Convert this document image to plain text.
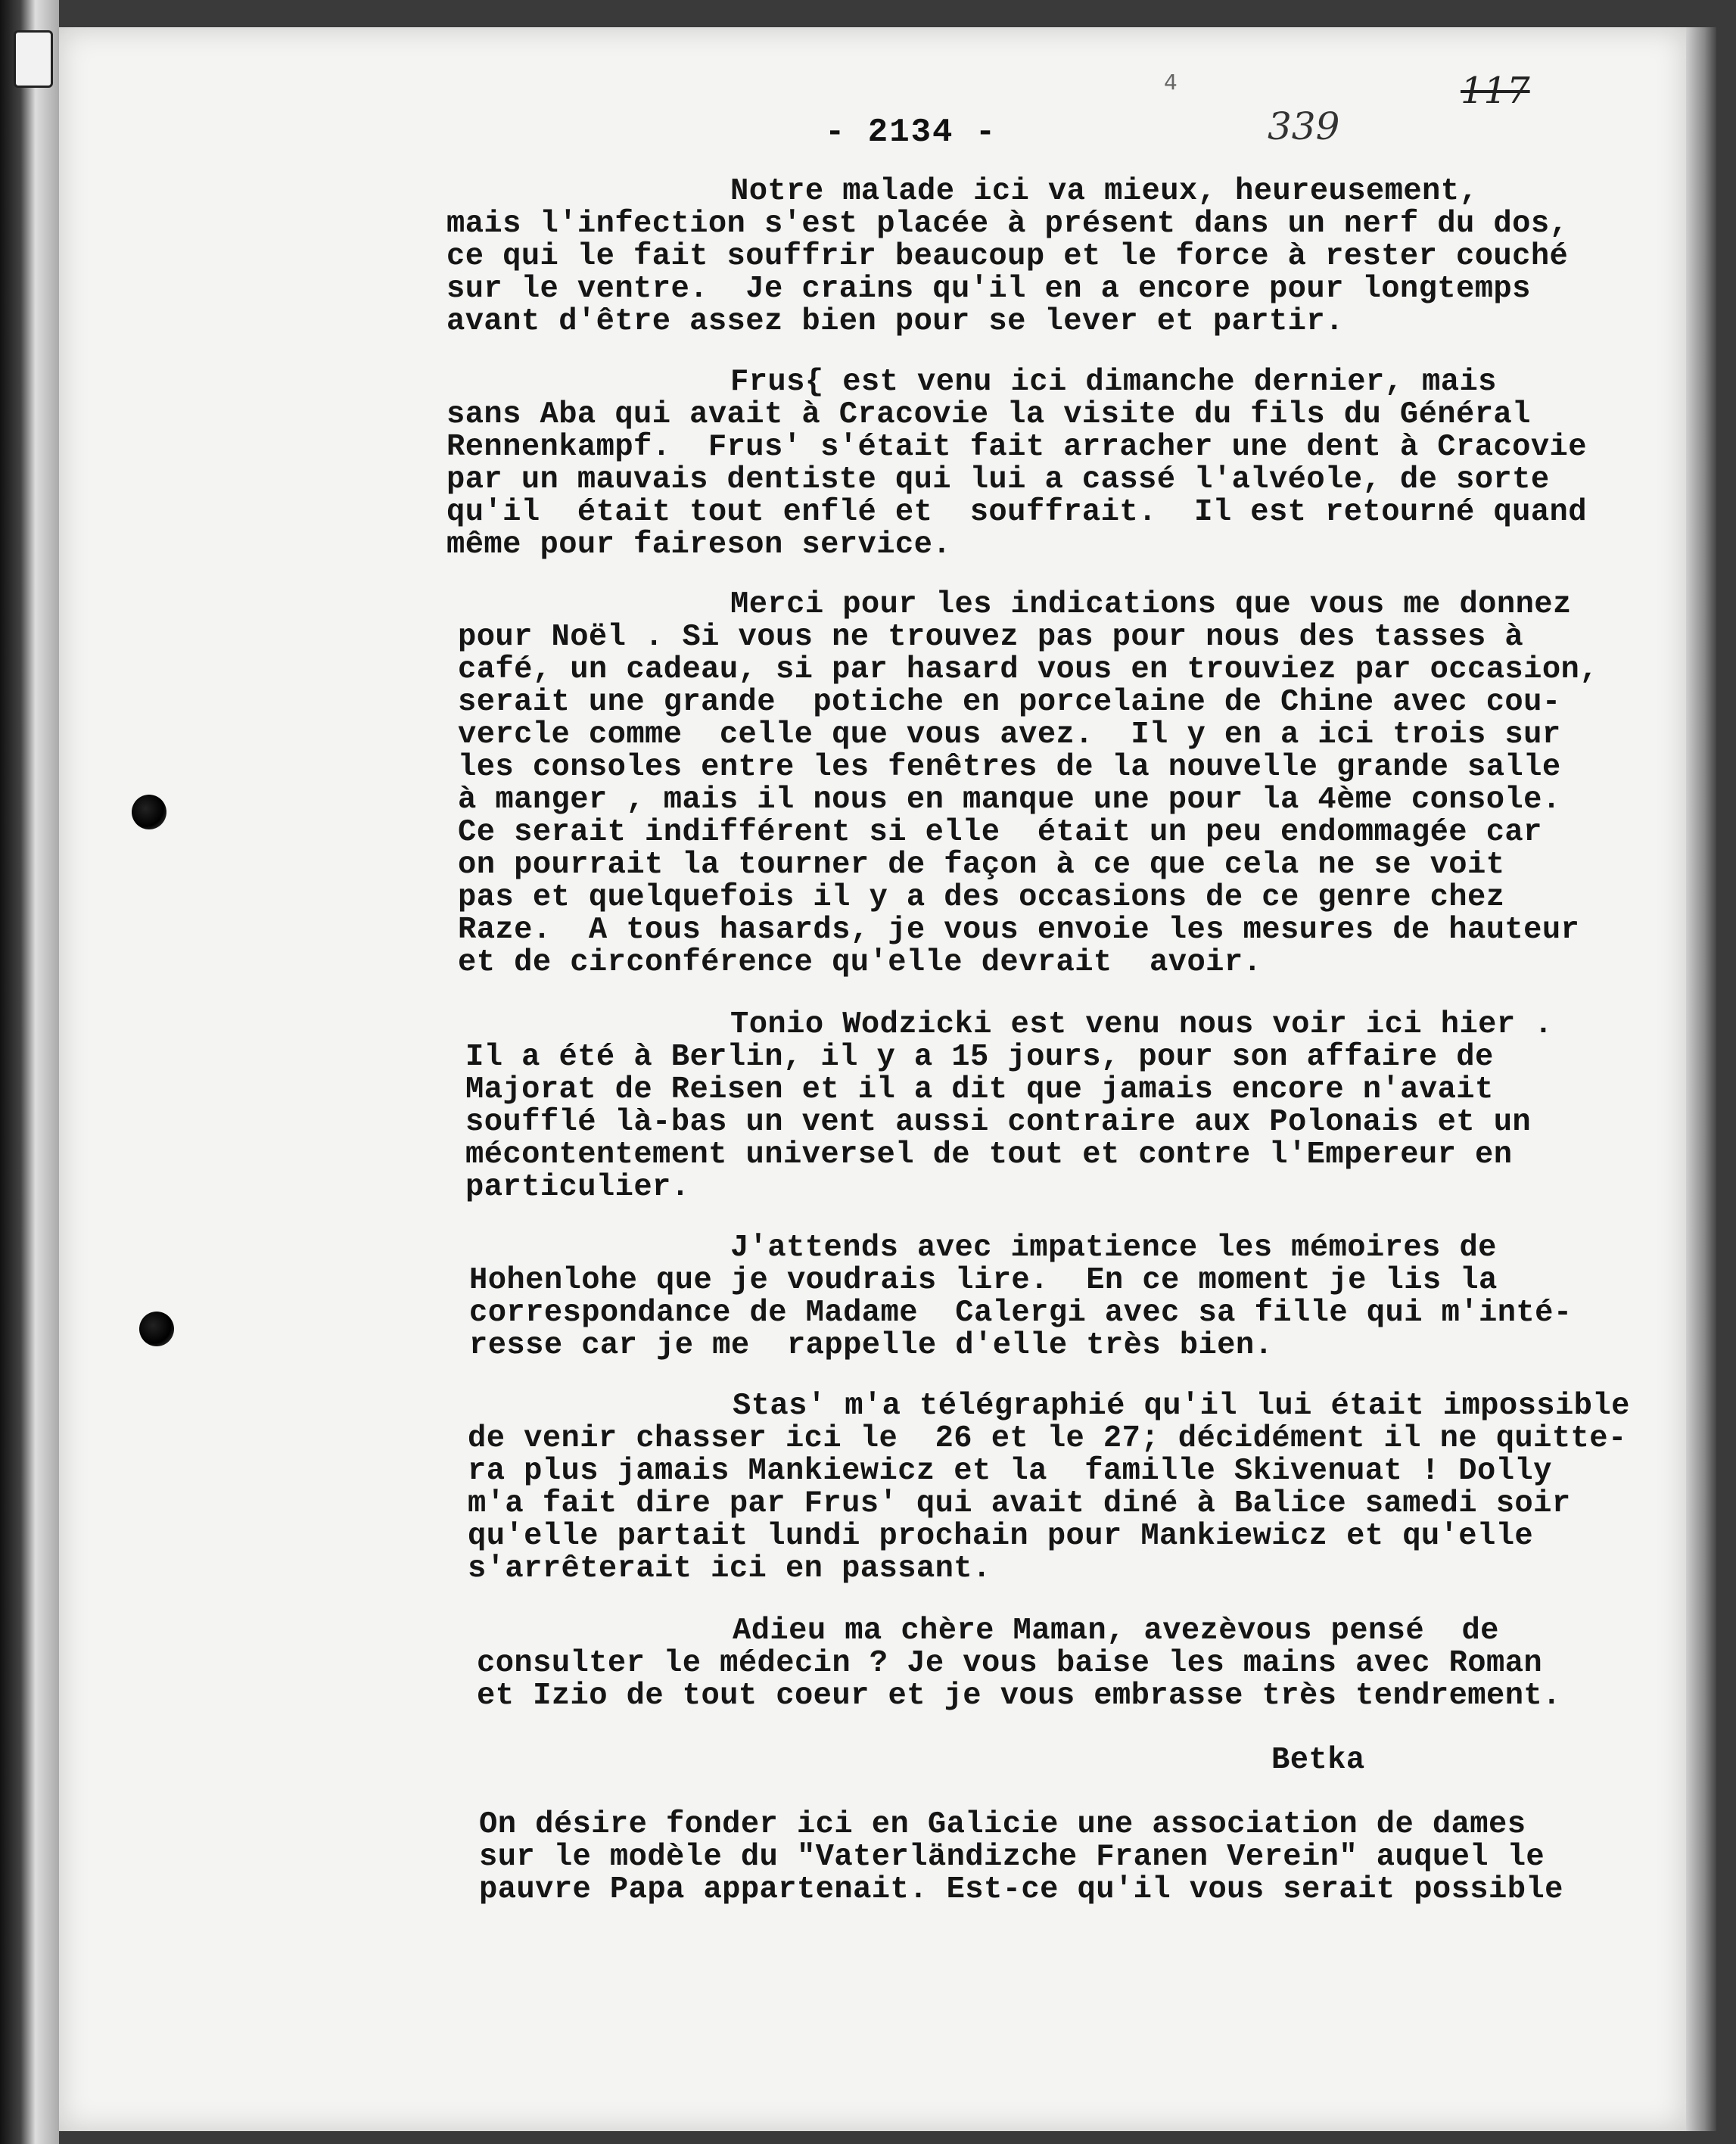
4
- 2134 -	339
117
Notre malade ici va mieux, heureusement,
mais l'infection s'est placée à présent dans un nerf du dos,
ce qui le fait souffrir beaucoup et le force à rester couché
sur le ventre.  Je crains qu'il en a encore pour longtemps
avant d'être assez bien pour se lever et partir.
Frus{ est venu ici dimanche dernier, mais
sans Aba qui avait à Cracovie la visite du fils du Général
Rennenkampf.  Frus' s'était fait arracher une dent à Cracovie
par un mauvais dentiste qui lui a cassé l'alvéole, de sorte
qu'il  était tout enflé et  souffrait.  Il est retourné quand
même pour faireson service.
Merci pour les indications que vous me donnez
pour Noël . Si vous ne trouvez pas pour nous des tasses à
café, un cadeau, si par hasard vous en trouviez par occasion,
serait une grande  potiche en porcelaine de Chine avec cou-
vercle comme  celle que vous avez.  Il y en a ici trois sur
les consoles entre les fenêtres de la nouvelle grande salle
à manger , mais il nous en manque une pour la 4ème console.
Ce serait indifférent si elle  était un peu endommagée car
on pourrait la tourner de façon à ce que cela ne se voit
pas et quelquefois il y a des occasions de ce genre chez
Raze.  A tous hasards, je vous envoie les mesures de hauteur
et de circonférence qu'elle devrait  avoir.
Tonio Wodzicki est venu nous voir ici hier .
Il a été à Berlin, il y a 15 jours, pour son affaire de
Majorat de Reisen et il a dit que jamais encore n'avait
soufflé là-bas un vent aussi contraire aux Polonais et un
mécontentement universel de tout et contre l'Empereur en
particulier.
J'attends avec impatience les mémoires de
Hohenlohe que je voudrais lire.  En ce moment je lis la
correspondance de Madame  Calergi avec sa fille qui m'inté-
resse car je me  rappelle d'elle très bien.
Stas' m'a télégraphié qu'il lui était impossible
de venir chasser ici le  26 et le 27; décidément il ne quitte-
ra plus jamais Mankiewicz et la  famille Skivenuat ! Dolly
m'a fait dire par Frus' qui avait diné à Balice samedi soir
qu'elle partait lundi prochain pour Mankiewicz et qu'elle
s'arrêterait ici en passant.
Adieu ma chère Maman, avezèvous pensé  de
consulter le médecin ? Je vous baise les mains avec Roman
et Izio de tout coeur et je vous embrasse très tendrement.
Betka
On désire fonder ici en Galicie une association de dames
sur le modèle du "Vaterländizche Franen Verein" auquel le
pauvre Papa appartenait. Est-ce qu'il vous serait possible
